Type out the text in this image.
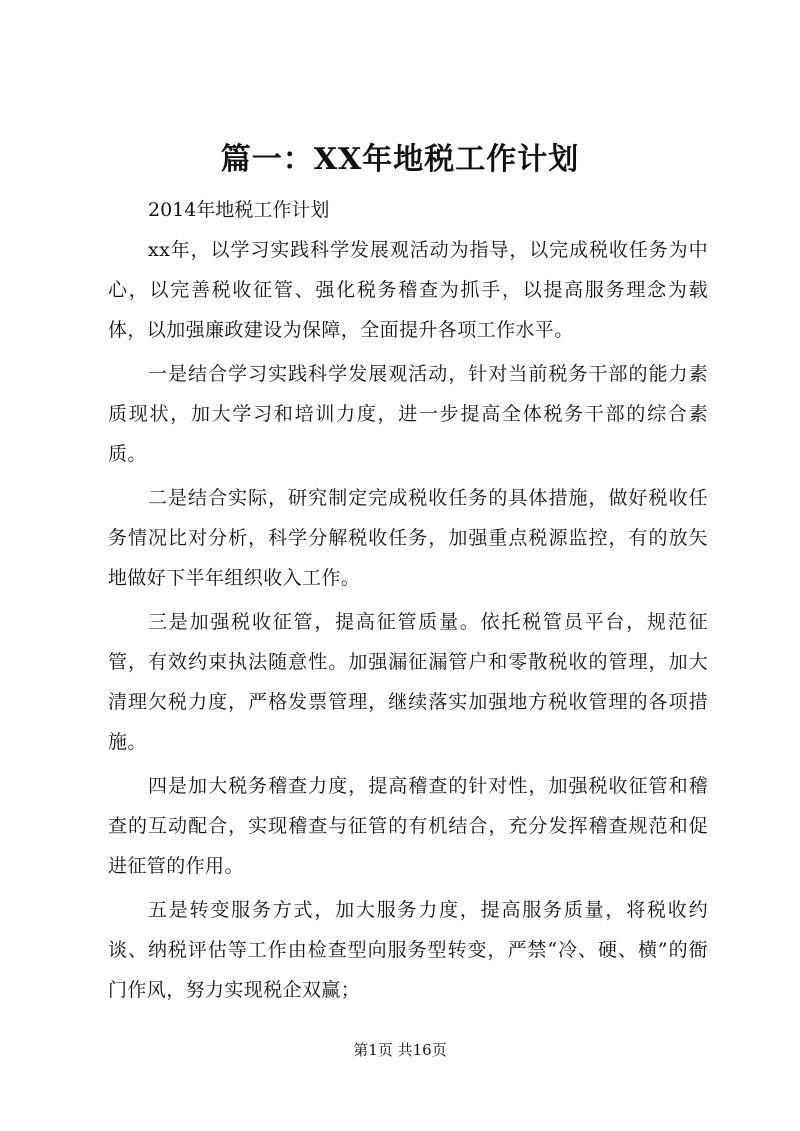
篇一：XX年地税工作计划

2014年地税工作计划

xx年，以学习实践科学发展观活动为指导，以完成税收任务为中心，以完善税收征管、强化税务稽查为抓手，以提高服务理念为载体，以加强廉政建设为保障，全面提升各项工作水平。

一是结合学习实践科学发展观活动，针对当前税务干部的能力素质现状，加大学习和培训力度，进一步提高全体税务干部的综合素质。

二是结合实际，研究制定完成税收任务的具体措施，做好税收任务情况比对分析，科学分解税收任务，加强重点税源监控，有的放矢地做好下半年组织收入工作。

三是加强税收征管，提高征管质量。依托税管员平台，规范征管，有效约束执法随意性。加强漏征漏管户和零散税收的管理，加大清理欠税力度，严格发票管理，继续落实加强地方税收管理的各项措施。

四是加大税务稽查力度，提高稽查的针对性，加强税收征管和稽查的互动配合，实现稽查与征管的有机结合，充分发挥稽查规范和促进征管的作用。

五是转变服务方式，加大服务力度，提高服务质量，将税收约谈、纳税评估等工作由检查型向服务型转变，严禁“冷、硬、横”的衙门作风，努力实现税企双赢；

第1页 共16页
